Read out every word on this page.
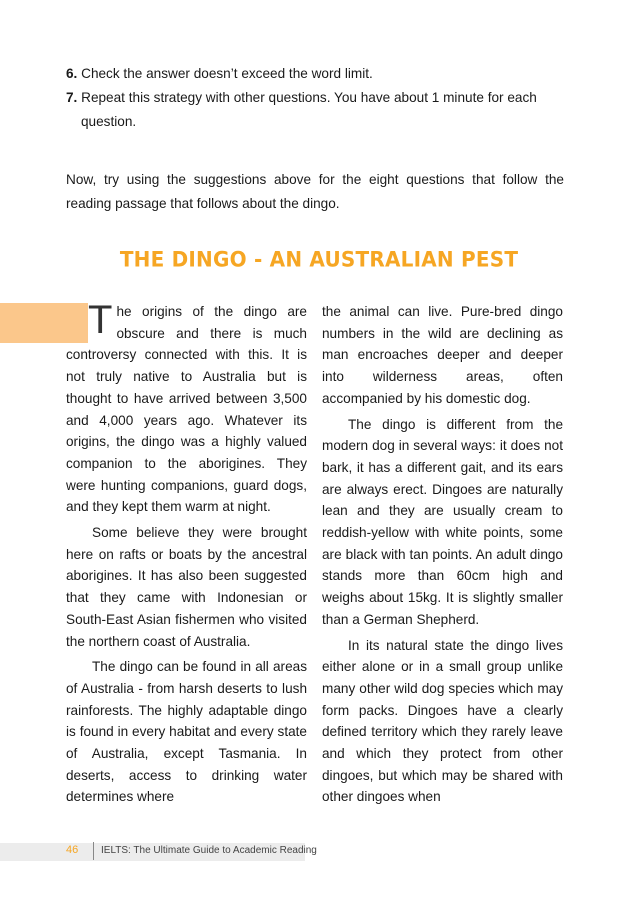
6. Check the answer doesn’t exceed the word limit.
7. Repeat this strategy with other questions. You have about 1 minute for each
question.
Now, try using the suggestions above for the eight questions that follow the reading passage that follows about the dingo.
THE DINGO - AN AUSTRALIAN PEST

The origins of the dingo are obscure and there is much controversy connected with this. It is not truly native to Australia but is thought to have arrived between 3,500 and 4,000 years ago. Whatever its origins, the dingo was a highly valued companion to the aborigines. They were hunting companions, guard dogs, and they kept them warm at night.

Some believe they were brought here on rafts or boats by the ancestral aborigines. It has also been suggested that they came with Indonesian or South-East Asian fishermen who visited the northern coast of Australia.

The dingo can be found in all areas of Australia - from harsh deserts to lush rainforests. The highly adaptable dingo is found in every habitat and every state of Australia, except Tasmania. In deserts, access to drinking water determines where

the animal can live. Pure-bred dingo numbers in the wild are declining as man encroaches deeper and deeper into wilderness areas, often accompanied by his domestic dog.

The dingo is different from the modern dog in several ways: it does not bark, it has a different gait, and its ears are always erect. Dingoes are naturally lean and they are usually cream to reddish-yellow with white points, some are black with tan points. An adult dingo stands more than 60cm high and weighs about 15kg. It is slightly smaller than a German Shepherd.

In its natural state the dingo lives either alone or in a small group unlike many other wild dog species which may form packs. Dingoes have a clearly defined territory which they rarely leave and which they protect from other dingoes, but which may be shared with other dingoes when

46 IELTS: The Ultimate Guide to Academic Reading
